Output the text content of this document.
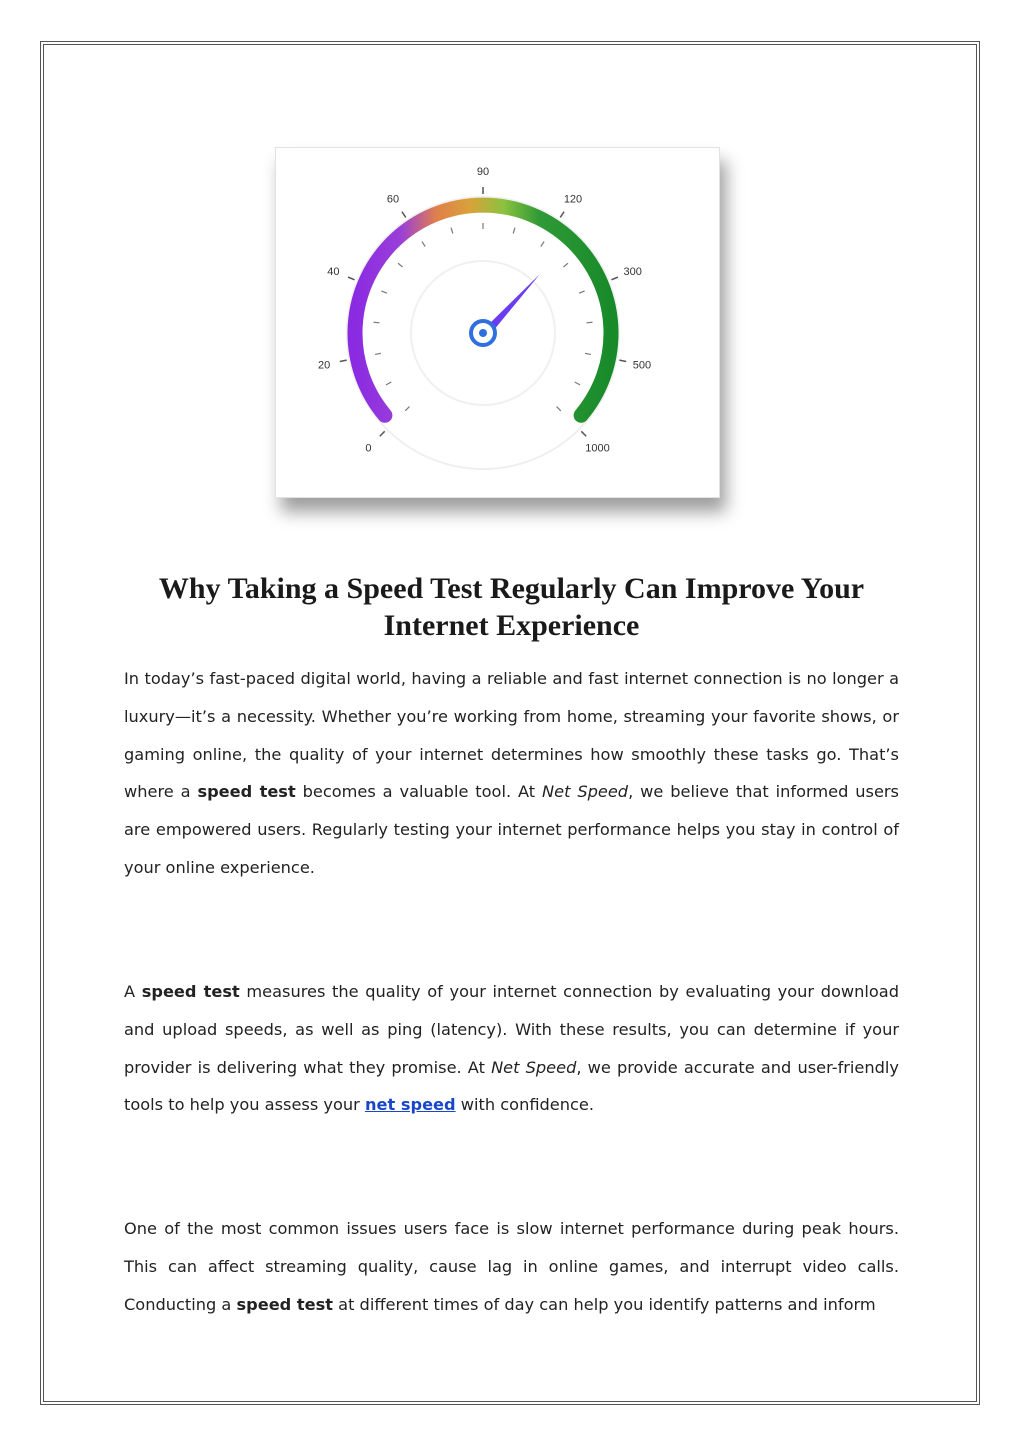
0
20
40
60
90
120
300
500
1000
Why Taking a Speed Test Regularly Can Improve Your Internet Experience

In today’s fast-paced digital world, having a reliable and fast internet connection is no longer a luxury—it’s a necessity. Whether you’re working from home, streaming your favorite shows, or gaming online, the quality of your internet determines how smoothly these tasks go. That’s where a speed test becomes a valuable tool. At Net Speed, we believe that informed users are empowered users. Regularly testing your internet performance helps you stay in control of your online experience.

A speed test measures the quality of your internet connection by evaluating your download and upload speeds, as well as ping (latency). With these results, you can determine if your provider is delivering what they promise. At Net Speed, we provide accurate and user-friendly tools to help you assess your net speed with confidence.

One of the most common issues users face is slow internet performance during peak hours. This can affect streaming quality, cause lag in online games, and interrupt video calls. Conducting a speed test at different times of day can help you identify patterns and inform
